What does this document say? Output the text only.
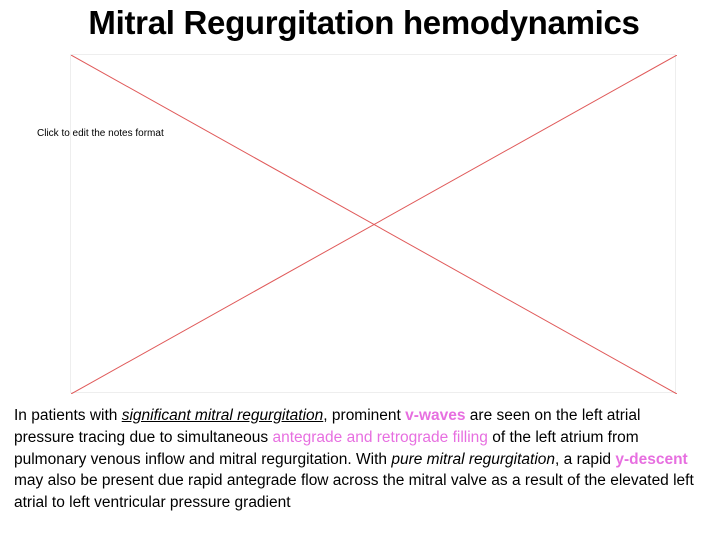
Mitral Regurgitation hemodynamics
Click to edit the notes format
In patients with significant mitral regurgitation, prominent v-waves are seen on the left atrial pressure tracing due to simultaneous antegrade and retrograde filling of the left atrium from pulmonary venous inflow and mitral regurgitation. With pure mitral regurgitation, a rapid y-descent may also be present due rapid antegrade flow across the mitral valve as a result of the elevated left atrial to left ventricular pressure gradient
